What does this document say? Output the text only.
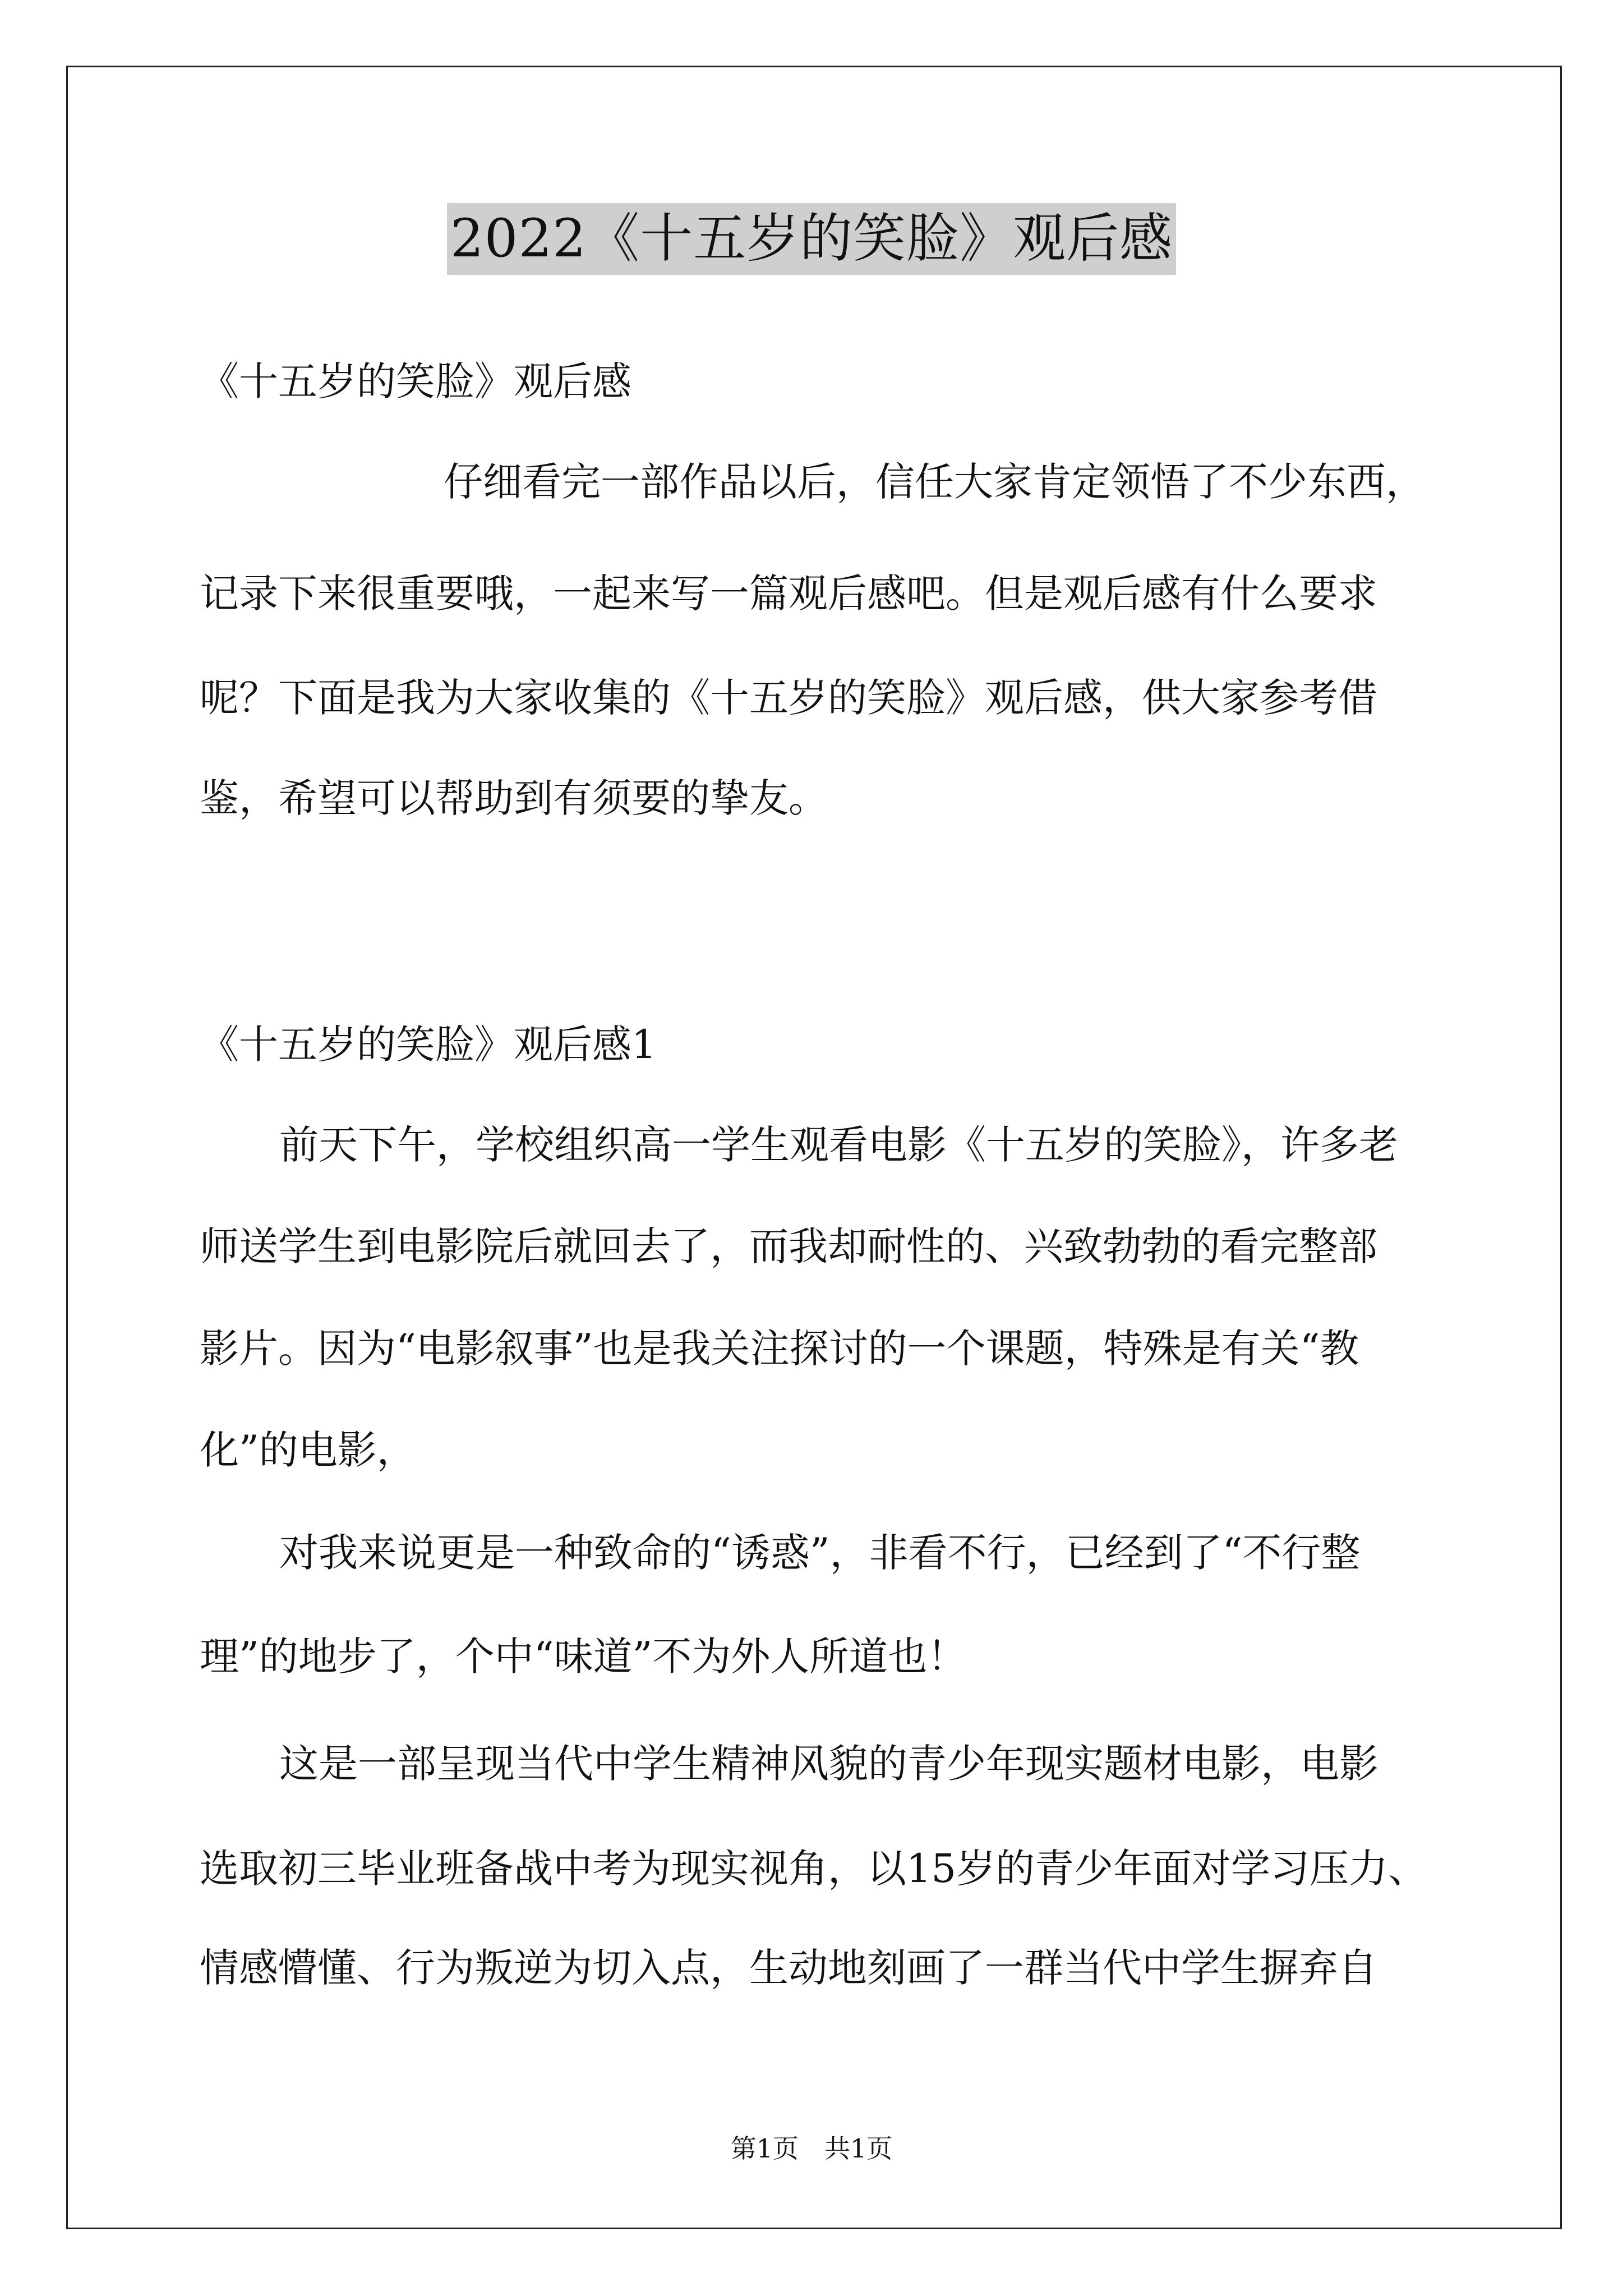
2022《十五岁的笑脸》观后感
《十五岁的笑脸》观后感
仔细看完一部作品以后，信任大家肯定领悟了不少东西，
记录下来很重要哦，一起来写一篇观后感吧。但是观后感有什么要求
呢？下面是我为大家收集的《十五岁的笑脸》观后感，供大家参考借
鉴，希望可以帮助到有须要的挚友。
《十五岁的笑脸》观后感1
前天下午，学校组织高一学生观看电影《十五岁的笑脸》，许多老
师送学生到电影院后就回去了，而我却耐性的、兴致勃勃的看完整部
影片。因为“电影叙事”也是我关注探讨的一个课题，特殊是有关“教
化”的电影，
对我来说更是一种致命的“诱惑”，非看不行，已经到了“不行整
理”的地步了，个中“味道”不为外人所道也！
这是一部呈现当代中学生精神风貌的青少年现实题材电影，电影
选取初三毕业班备战中考为现实视角，以15岁的青少年面对学习压力、
情感懵懂、行为叛逆为切入点，生动地刻画了一群当代中学生摒弃自
第1页　共1页
